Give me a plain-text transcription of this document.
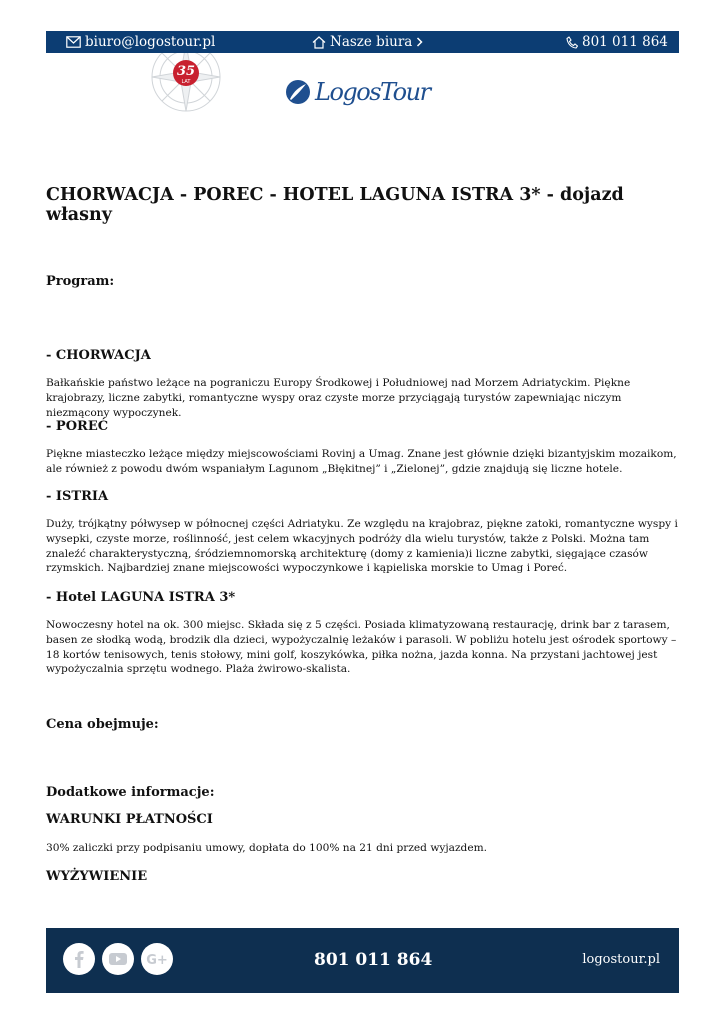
biuro@logostour.pl	Nasze biura	801 011 864
35
LAT	LogosTour
CHORWACJA - POREC - HOTEL LAGUNA ISTRA 3* - dojazd własny
Program:
- CHORWACJA

Bałkańskie państwo leżące na pograniczu Europy Środkowej i Południowej nad Morzem Adriatyckim. Piękne krajobrazy, liczne zabytki, romantyczne wyspy oraz czyste morze przyciągają turystów zapewniając niczym niezmącony wypoczynek.

- POREĆ

Piękne miasteczko leżące między miejscowościami Rovinj a Umag. Znane jest głównie dzięki bizantyjskim mozaikom, ale również z powodu dwóm wspaniałym Lagunom „Błękitnej” i „Zielonej”, gdzie znajdują się liczne hotele.

- ISTRIA

Duży, trójkątny półwysep w północnej części Adriatyku. Ze względu na krajobraz, piękne zatoki, romantyczne wyspy i wysepki, czyste morze, roślinność, jest celem wkacyjnych podróży dla wielu turystów, także z Polski. Można tam znaleźć charakterystyczną, śródziemnomorską architekturę (domy z kamienia)i liczne zabytki, sięgające czasów rzymskich. Najbardziej znane miejscowości wypoczynkowe i kąpieliska morskie to Umag i Poreć.

- Hotel LAGUNA ISTRA 3*

Nowoczesny hotel na ok. 300 miejsc. Składa się z 5 części. Posiada klimatyzowaną restaurację, drink bar z tarasem, basen ze słodką wodą, brodzik dla dzieci, wypożyczalnię leżaków i parasoli. W pobliżu hotelu jest ośrodek sportowy – 18 kortów tenisowych, tenis stołowy, mini golf, koszykówka, piłka nożna, jazda konna. Na przystani jachtowej jest wypożyczalnia sprzętu wodnego. Plaża żwirowo-skalista.

Cena obejmuje:
Dodatkowe informacje:
WARUNKI PŁATNOŚCI

30% zaliczki przy podpisaniu umowy, dopłata do 100% na 21 dni przed wyjazdem.

WYŻYWIENIE
G+	801 011 864	logostour.pl
